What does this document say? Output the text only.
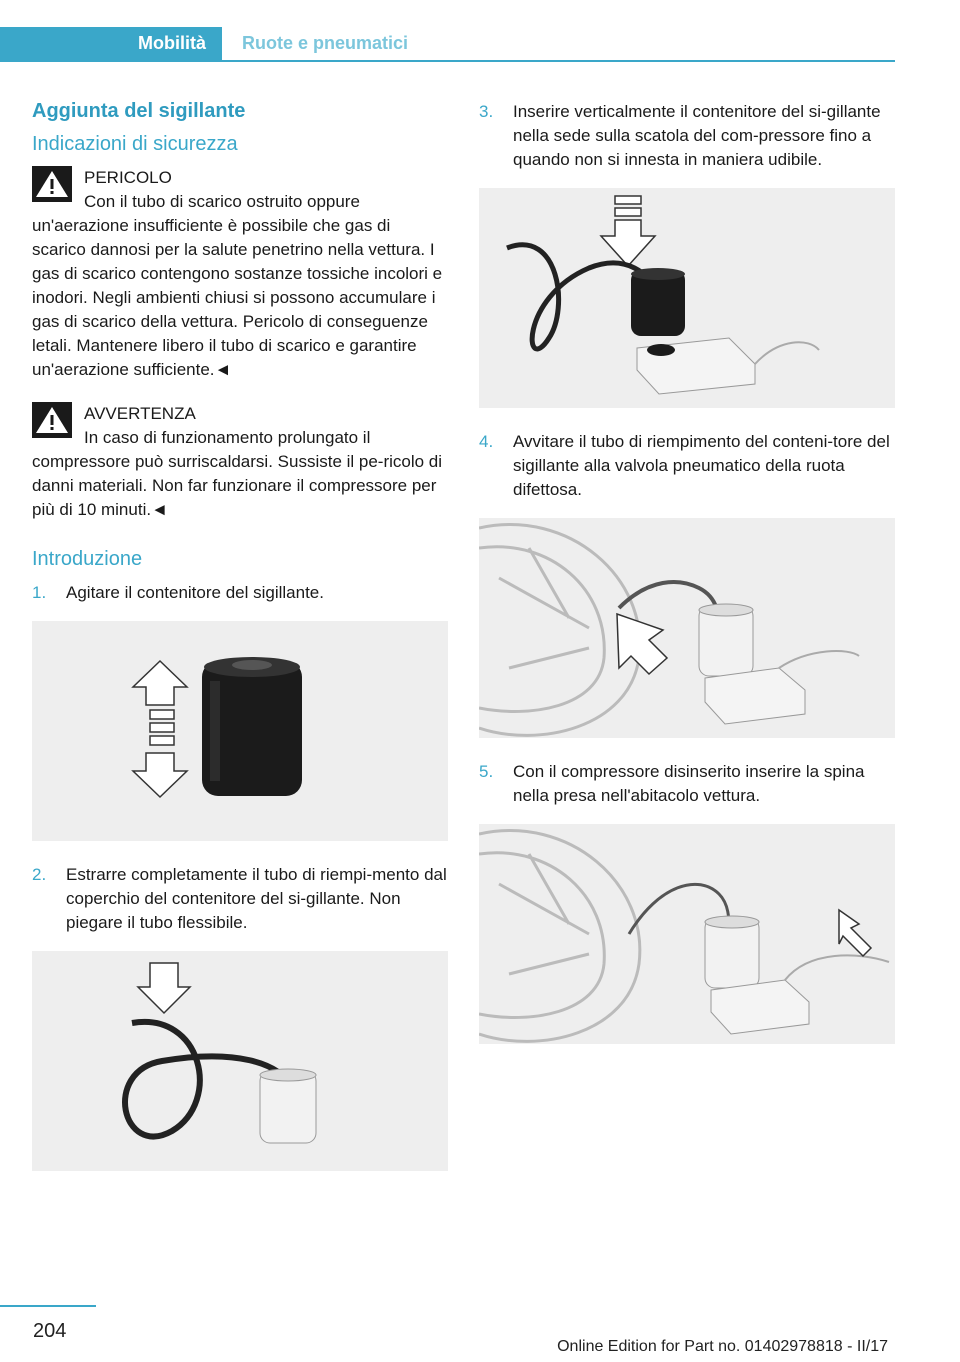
Mobilità	Ruote e pneumatici
Aggiunta del sigillante
Indicazioni di sicurezza
PERICOLO
Con il tubo di scarico ostruito oppure un'aerazione insufficiente è possibile che gas di scarico dannosi per la salute penetrino nella vettura. I gas di scarico contengono sostanze tossiche incolori e inodori. Negli ambienti chiusi si possono accumulare i gas di scarico della vettura. Pericolo di conseguenze letali. Mantenere libero il tubo di scarico e garantire un'aerazione sufficiente.◄
AVVERTENZA
In caso di funzionamento prolungato il compressore può surriscaldarsi. Sussiste il pe-ricolo di danni materiali. Non far funzionare il compressore per più di 10 minuti.◄
Introduzione
1.	Agitare il contenitore del sigillante.
2.	Estrarre completamente il tubo di riempi-mento dal coperchio del contenitore del si-gillante. Non piegare il tubo flessibile.
3.	Inserire verticalmente il contenitore del si-gillante nella sede sulla scatola del com-pressore fino a quando non si innesta in maniera udibile.
4.	Avvitare il tubo di riempimento del conteni-tore del sigillante alla valvola pneumatico della ruota difettosa.
5.	Con il compressore disinserito inserire la spina nella presa nell'abitacolo vettura.
204
Online Edition for Part no. 01402978818 - II/17
